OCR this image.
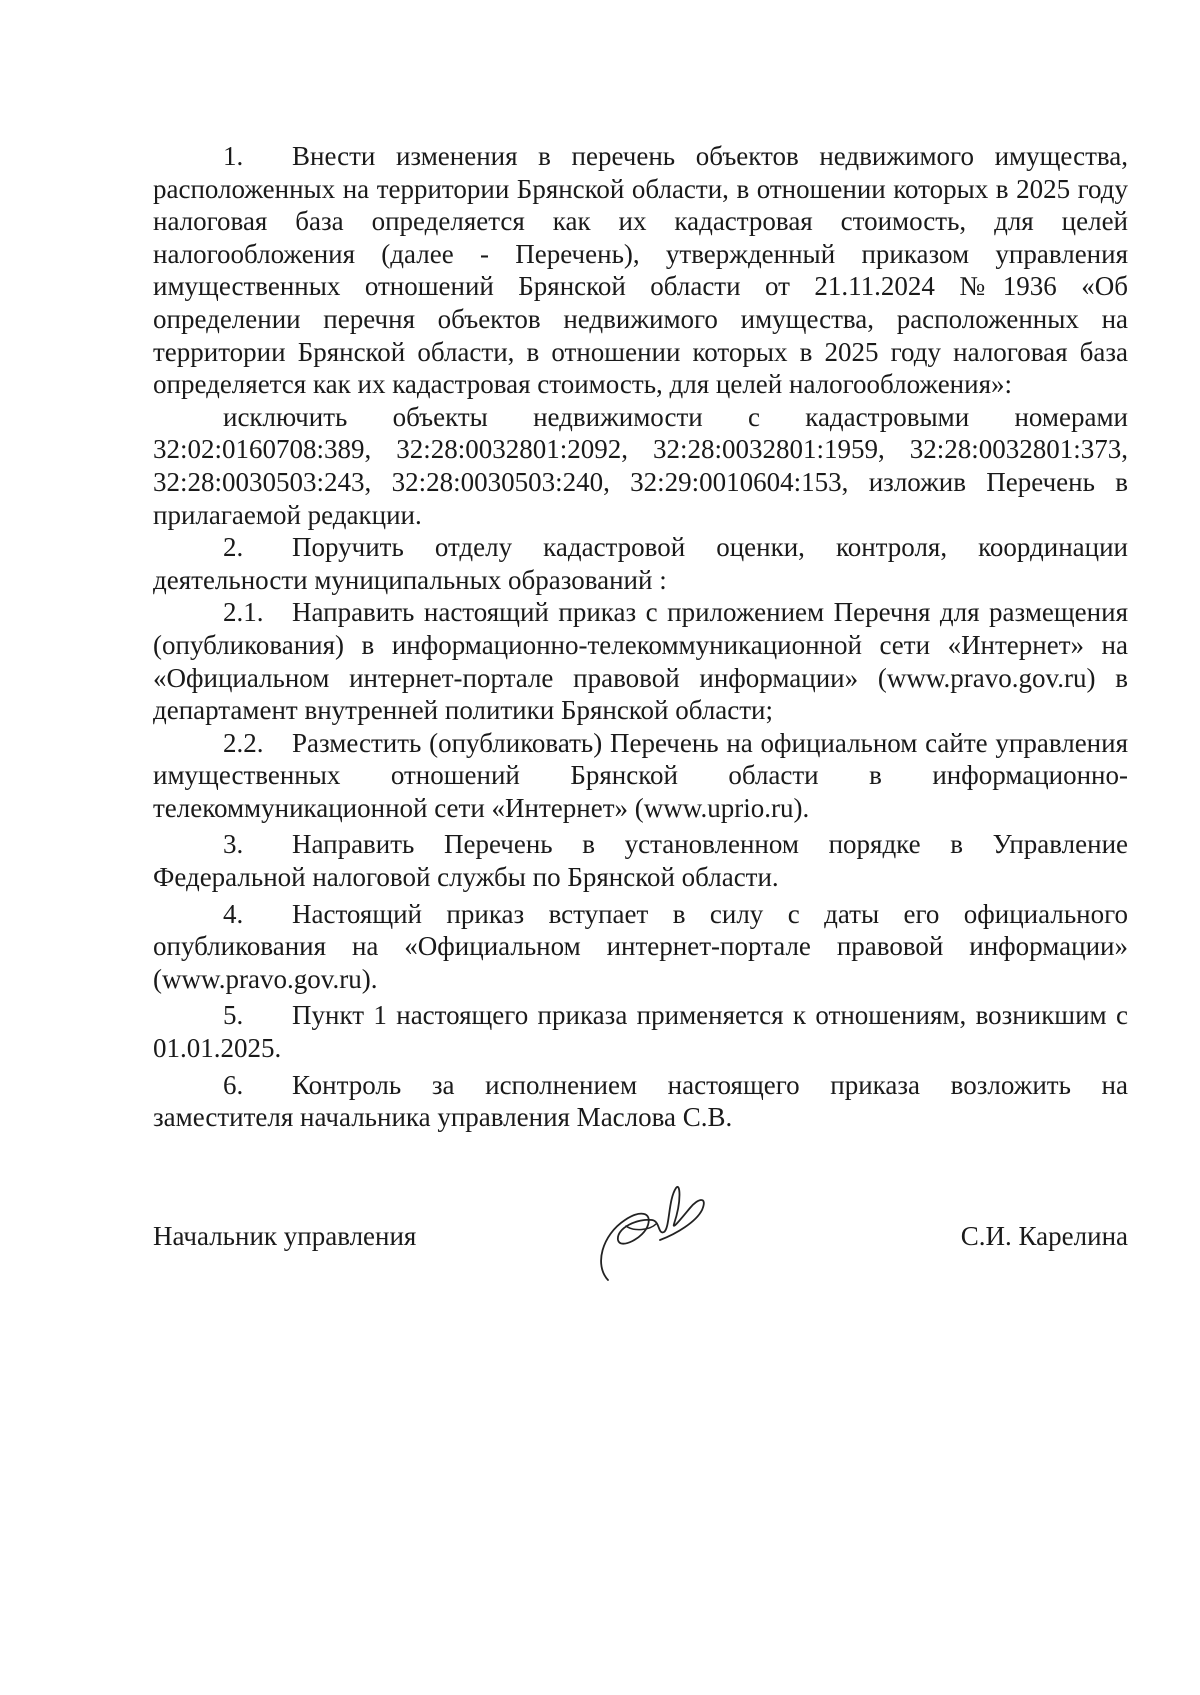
1. Внести изменения в перечень объектов недвижимого имущества, расположенных на территории Брянской области, в отношении которых в 2025 году налоговая база определяется как их кадастровая стоимость, для целей налогообложения (далее - Перечень), утвержденный приказом управления имущественных отношений Брянской области от 21.11.2024 №1936 «Об определении перечня объектов недвижимого имущества, расположенных на территории Брянской области, в отношении которых в 2025 году налоговая база определяется как их кадастровая стоимость, для целей налогообложения»:

исключить объекты недвижимости с кадастровыми номерами 32:02:0160708:389, 32:28:0032801:2092, 32:28:0032801:1959, 32:28:0032801:373, 32:28:0030503:243, 32:28:0030503:240, 32:29:0010604:153, изложив Перечень в прилагаемой редакции.

2. Поручить отделу кадастровой оценки, контроля, координации деятельности муниципальных образований :

2.1. Направить настоящий приказ с приложением Перечня для размещения (опубликования) в информационно-телекоммуникационной сети «Интернет» на «Официальном интернет-портале правовой информации» (www.pravo.gov.ru) в департамент внутренней политики Брянской области;

2.2. Разместить (опубликовать) Перечень на официальном сайте управления имущественных отношений Брянской области в информационно-телекоммуникационной сети «Интернет» (www.uprio.ru).

3. Направить Перечень в установленном порядке в Управление Федеральной налоговой службы по Брянской области.

4. Настоящий приказ вступает в силу с даты его официального опубликования на «Официальном интернет-портале правовой информации» (www.pravo.gov.ru).

5. Пункт 1 настоящего приказа применяется к отношениям, возникшим с 01.01.2025.

6. Контроль за исполнением настоящего приказа возложить на заместителя начальника управления Маслова С.В.

Начальник управления	С.И. Карелина
